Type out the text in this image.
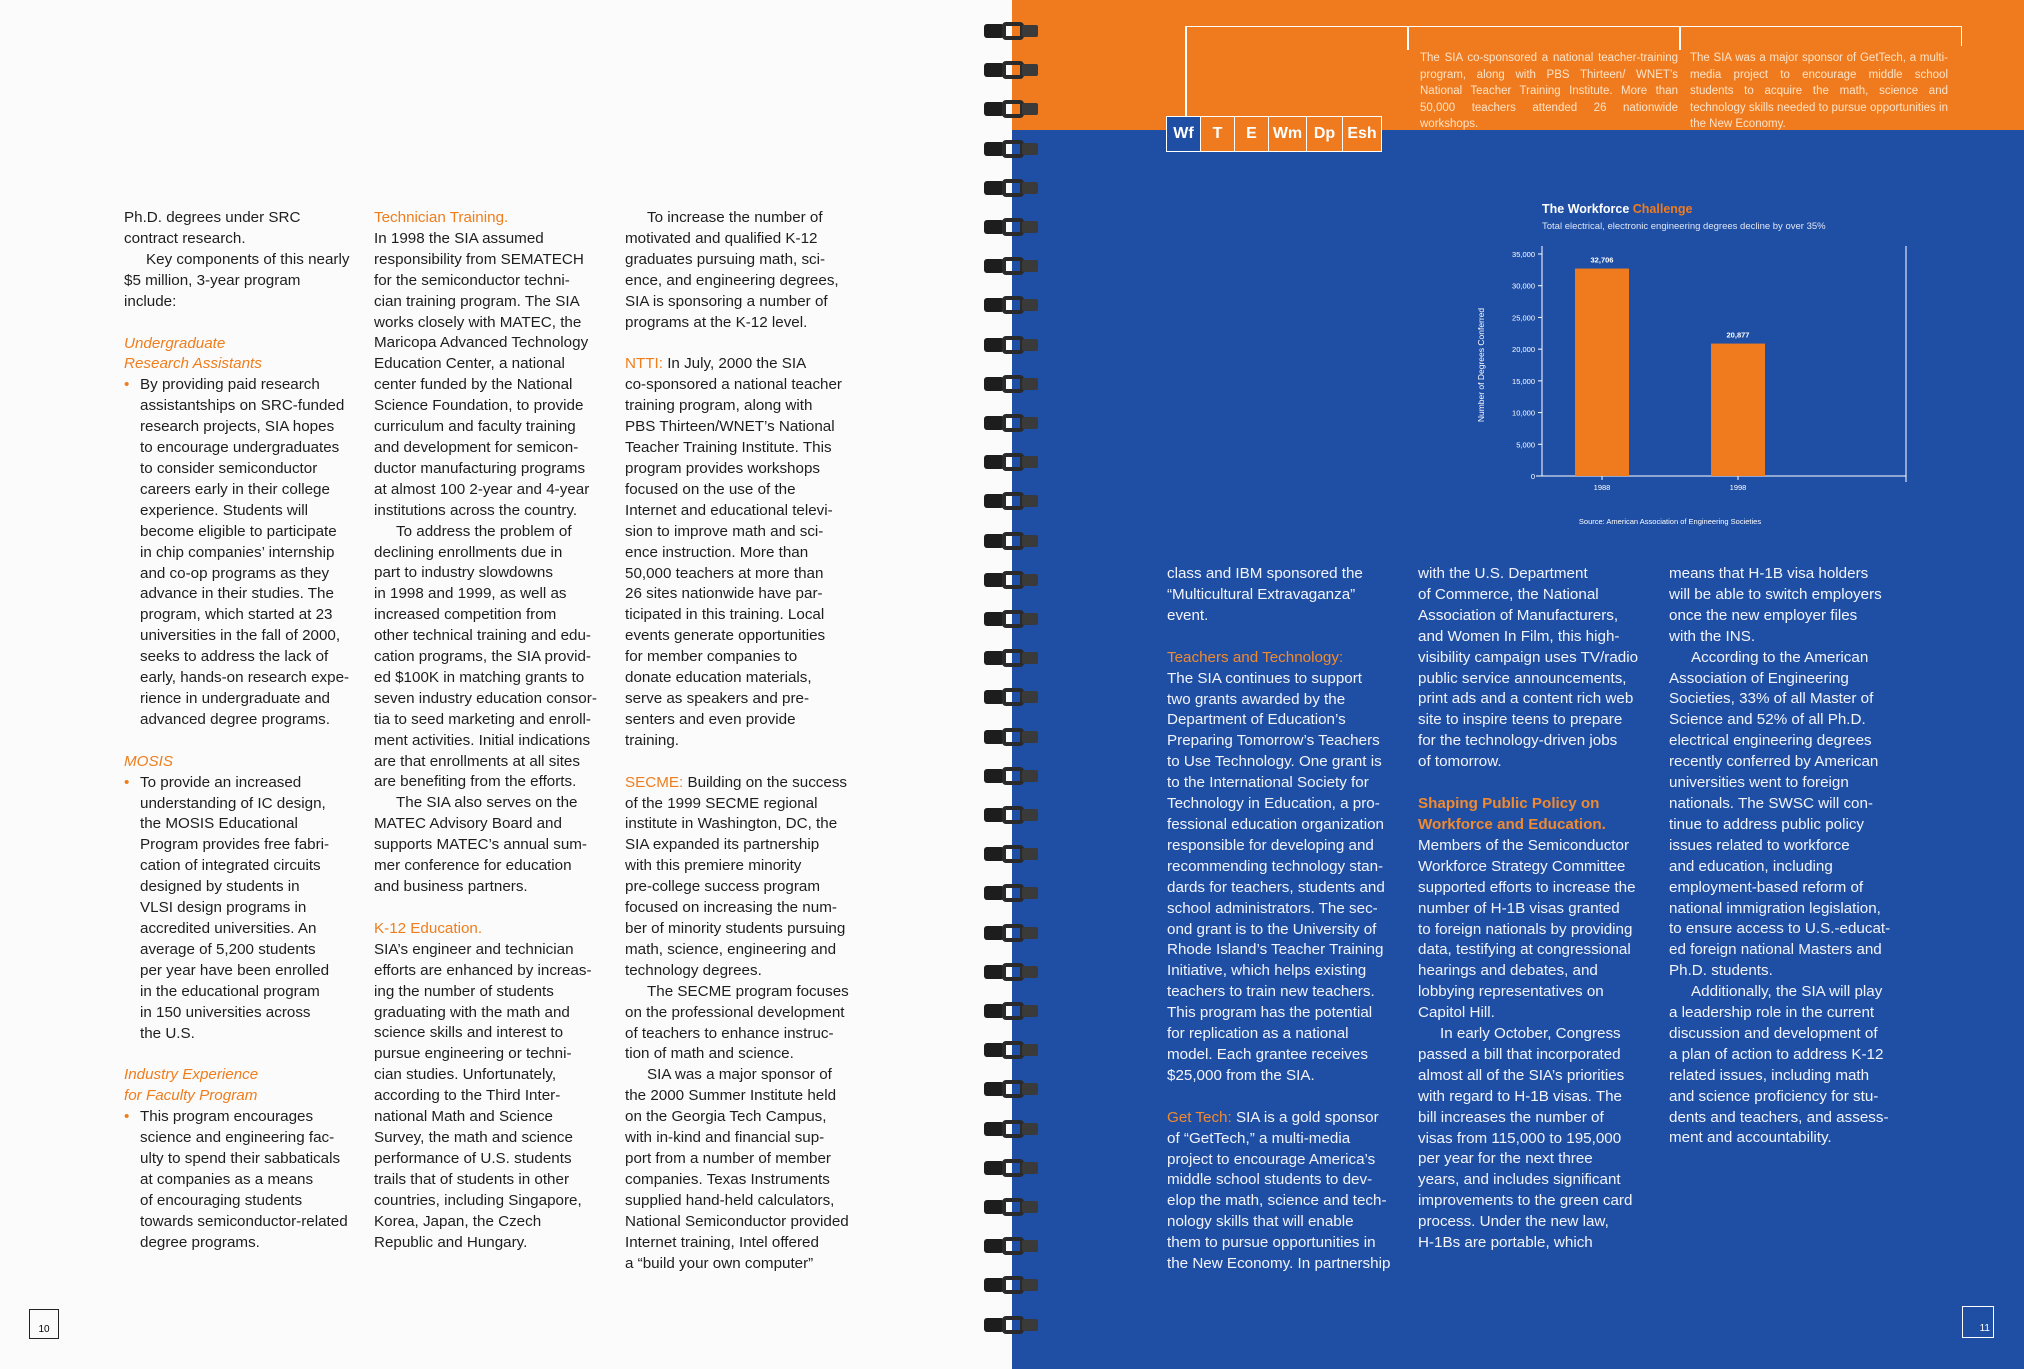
Ph.D. degrees under SRC
contract research.

Key components of this nearly
$5 million, 3-year program
include:

Undergraduate
Research Assistants

• By providing paid research
assistantships on SRC-funded
research projects, SIA hopes
to encourage undergraduates
to consider semiconductor
careers early in their college
experience. Students will
become eligible to participate
in chip companies’ internship
and co-op programs as they
advance in their studies. The
program, which started at 23
universities in the fall of 2000,
seeks to address the lack of
early, hands-on research expe-
rience in undergraduate and
advanced degree programs.

MOSIS

• To provide an increased
understanding of IC design,
the MOSIS Educational
Program provides free fabri-
cation of integrated circuits
designed by students in
VLSI design programs in
accredited universities. An
average of 5,200 students
per year have been enrolled
in the educational program
in 150 universities across
the U.S.

Industry Experience
for Faculty Program

• This program encourages
science and engineering fac-
ulty to spend their sabbaticals
at companies as a means
of encouraging students
towards semiconductor-related
degree programs.

Technician Training.

In 1998 the SIA assumed
responsibility from SEMATECH
for the semiconductor techni-
cian training program. The SIA
works closely with MATEC, the
Maricopa Advanced Technology
Education Center, a national
center funded by the National
Science Foundation, to provide
curriculum and faculty training
and development for semicon-
ductor manufacturing programs
at almost 100 2-year and 4-year
institutions across the country.

To address the problem of
declining enrollments due in
part to industry slowdowns
in 1998 and 1999, as well as
increased competition from
other technical training and edu-
cation programs, the SIA provid-
ed $100K in matching grants to
seven industry education consor-
tia to seed marketing and enroll-
ment activities. Initial indications
are that enrollments at all sites
are benefiting from the efforts.

The SIA also serves on the
MATEC Advisory Board and
supports MATEC’s annual sum-
mer conference for education
and business partners.

K-12 Education.

SIA’s engineer and technician
efforts are enhanced by increas-
ing the number of students
graduating with the math and
science skills and interest to
pursue engineering or techni-
cian studies. Unfortunately,
according to the Third Inter-
national Math and Science
Survey, the math and science
performance of U.S. students
trails that of students in other
countries, including Singapore,
Korea, Japan, the Czech
Republic and Hungary.

To increase the number of
motivated and qualified K-12
graduates pursuing math, sci-
ence, and engineering degrees,
SIA is sponsoring a number of
programs at the K-12 level.

NTTI: In July, 2000 the SIA
co-sponsored a national teacher
training program, along with
PBS Thirteen/WNET’s National
Teacher Training Institute. This
program provides workshops
focused on the use of the
Internet and educational televi-
sion to improve math and sci-
ence instruction. More than
50,000 teachers at more than
26 sites nationwide have par-
ticipated in this training. Local
events generate opportunities
for member companies to
donate education materials,
serve as speakers and pre-
senters and even provide
training.

SECME: Building on the success
of the 1999 SECME regional
institute in Washington, DC, the
SIA expanded its partnership
with this premiere minority
pre-college success program
focused on increasing the num-
ber of minority students pursuing
math, science, engineering and
technology degrees.

The SECME program focuses
on the professional development
of teachers to enhance instruc-
tion of math and science.

SIA was a major sponsor of
the 2000 Summer Institute held
on the Georgia Tech Campus,
with in-kind and financial sup-
port from a number of member
companies. Texas Instruments
supplied hand-held calculators,
National Semiconductor provided
Internet training, Intel offered
a “build your own computer”

10
Wf	T	E	Wm Dp Esh
The SIA co-sponsored a national teacher-training program, along with PBS Thirteen/ WNET’s National Teacher Training Institute. More than 50,000 teachers attended 26 nationwide workshops.
The SIA was a major sponsor of GetTech, a multi-media project to encourage middle school students to acquire the math, science and technology skills needed to pursue opportunities in the New Economy.
The Workforce Challenge
Total electrical, electronic engineering degrees decline by over 35%
0
5,000
10,000
15,000
20,000
25,000
30,000
35,000
Number of Degrees Conferred
32,706
1988
20,877
1998
Source: American Association of Engineering Societies

class and IBM sponsored the
“Multicultural Extravaganza”
event.

Teachers and Technology:

The SIA continues to support
two grants awarded by the
Department of Education’s
Preparing Tomorrow’s Teachers
to Use Technology. One grant is
to the International Society for
Technology in Education, a pro-
fessional education organization
responsible for developing and
recommending technology stan-
dards for teachers, students and
school administrators. The sec-
ond grant is to the University of
Rhode Island’s Teacher Training
Initiative, which helps existing
teachers to train new teachers.
This program has the potential
for replication as a national
model. Each grantee receives
$25,000 from the SIA.

Get Tech: SIA is a gold sponsor
of “GetTech,” a multi-media
project to encourage America’s
middle school students to dev-
elop the math, science and tech-
nology skills that will enable
them to pursue opportunities in
the New Economy. In partnership

with the U.S. Department
of Commerce, the National
Association of Manufacturers,
and Women In Film, this high-
visibility campaign uses TV/radio
public service announcements,
print ads and a content rich web
site to inspire teens to prepare
for the technology-driven jobs
of tomorrow.

Shaping Public Policy on
Workforce and Education.

Members of the Semiconductor
Workforce Strategy Committee
supported efforts to increase the
number of H-1B visas granted
to foreign nationals by providing
data, testifying at congressional
hearings and debates, and
lobbying representatives on
Capitol Hill.

In early October, Congress
passed a bill that incorporated
almost all of the SIA’s priorities
with regard to H-1B visas. The
bill increases the number of
visas from 115,000 to 195,000
per year for the next three
years, and includes significant
improvements to the green card
process. Under the new law,
H-1Bs are portable, which

means that H-1B visa holders
will be able to switch employers
once the new employer files
with the INS.

According to the American
Association of Engineering
Societies, 33% of all Master of
Science and 52% of all Ph.D.
electrical engineering degrees
recently conferred by American
universities went to foreign
nationals. The SWSC will con-
tinue to address public policy
issues related to workforce
and education, including
employment-based reform of
national immigration legislation,
to ensure access to U.S.-educat-
ed foreign national Masters and
Ph.D. students.

Additionally, the SIA will play
a leadership role in the current
discussion and development of
a plan of action to address K-12
related issues, including math
and science proficiency for stu-
dents and teachers, and assess-
ment and accountability.

11
